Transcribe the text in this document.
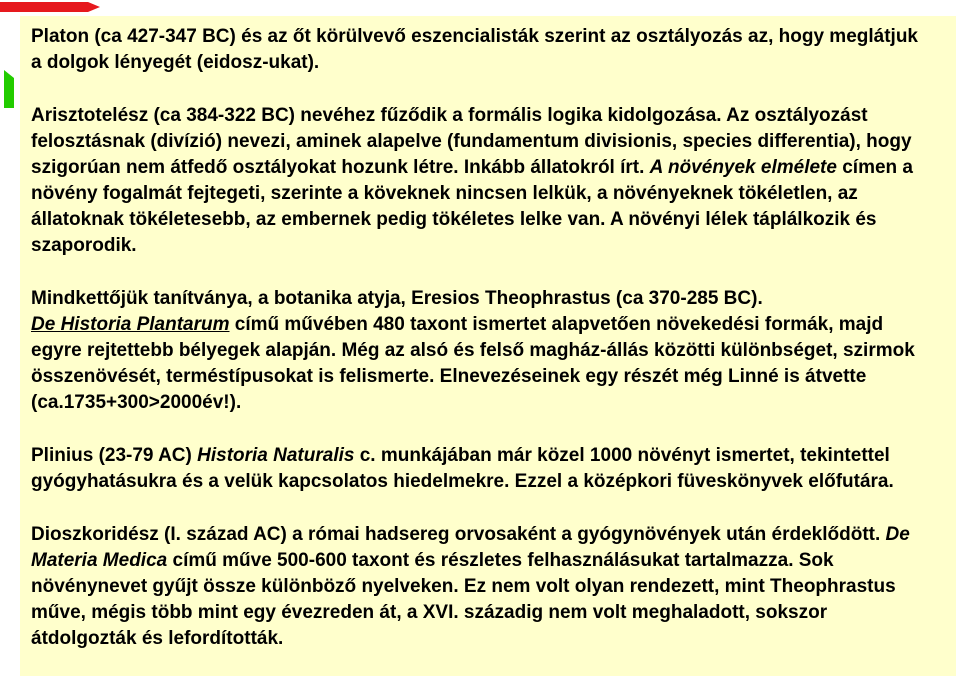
Platon (ca 427-347 BC) és az őt körülvevő eszencialisták szerint az osztályozás az, hogy meglátjuk a dolgok lényegét (eidosz-ukat).

Arisztotelész (ca 384-322 BC) nevéhez fűződik a formális logika kidolgozása. Az osztályozást felosztásnak (divízió) nevezi, aminek alapelve (fundamentum divisionis, species differentia), hogy szigorúan nem átfedő osztályokat hozunk létre. Inkább állatokról írt. A növények elmélete címen a növény fogalmát fejtegeti, szerinte a köveknek nincsen lelkük, a növényeknek tökéletlen, az állatoknak tökéletesebb, az embernek pedig tökéletes lelke van. A növényi lélek táplálkozik és szaporodik.

Mindkettőjük tanítványa, a botanika atyja, Eresios Theophrastus (ca 370-285 BC).
De Historia Plantarum című művében 480 taxont ismertet alapvetően növekedési formák, majd egyre rejtettebb bélyegek alapján. Még az alsó és felső magház-állás közötti különbséget, szirmok összenövését, terméstípusokat is felismerte. Elnevezéseinek egy részét még Linné is átvette (ca.1735+300>2000év!).

Plinius (23-79 AC) Historia Naturalis c. munkájában már közel 1000 növényt ismertet, tekintettel gyógyhatásukra és a velük kapcsolatos hiedelmekre. Ezzel a középkori füveskönyvek előfutára.

Dioszkoridész (I. század AC) a római hadsereg orvosaként a gyógynövények után érdeklődött. De Materia Medica című műve 500-600 taxont és részletes felhasználásukat tartalmazza. Sok növénynevet gyűjt össze különböző nyelveken. Ez nem volt olyan rendezett, mint Theophrastus műve, mégis több mint egy évezreden át, a XVI. századig nem volt meghaladott, sokszor átdolgozták és lefordították.
